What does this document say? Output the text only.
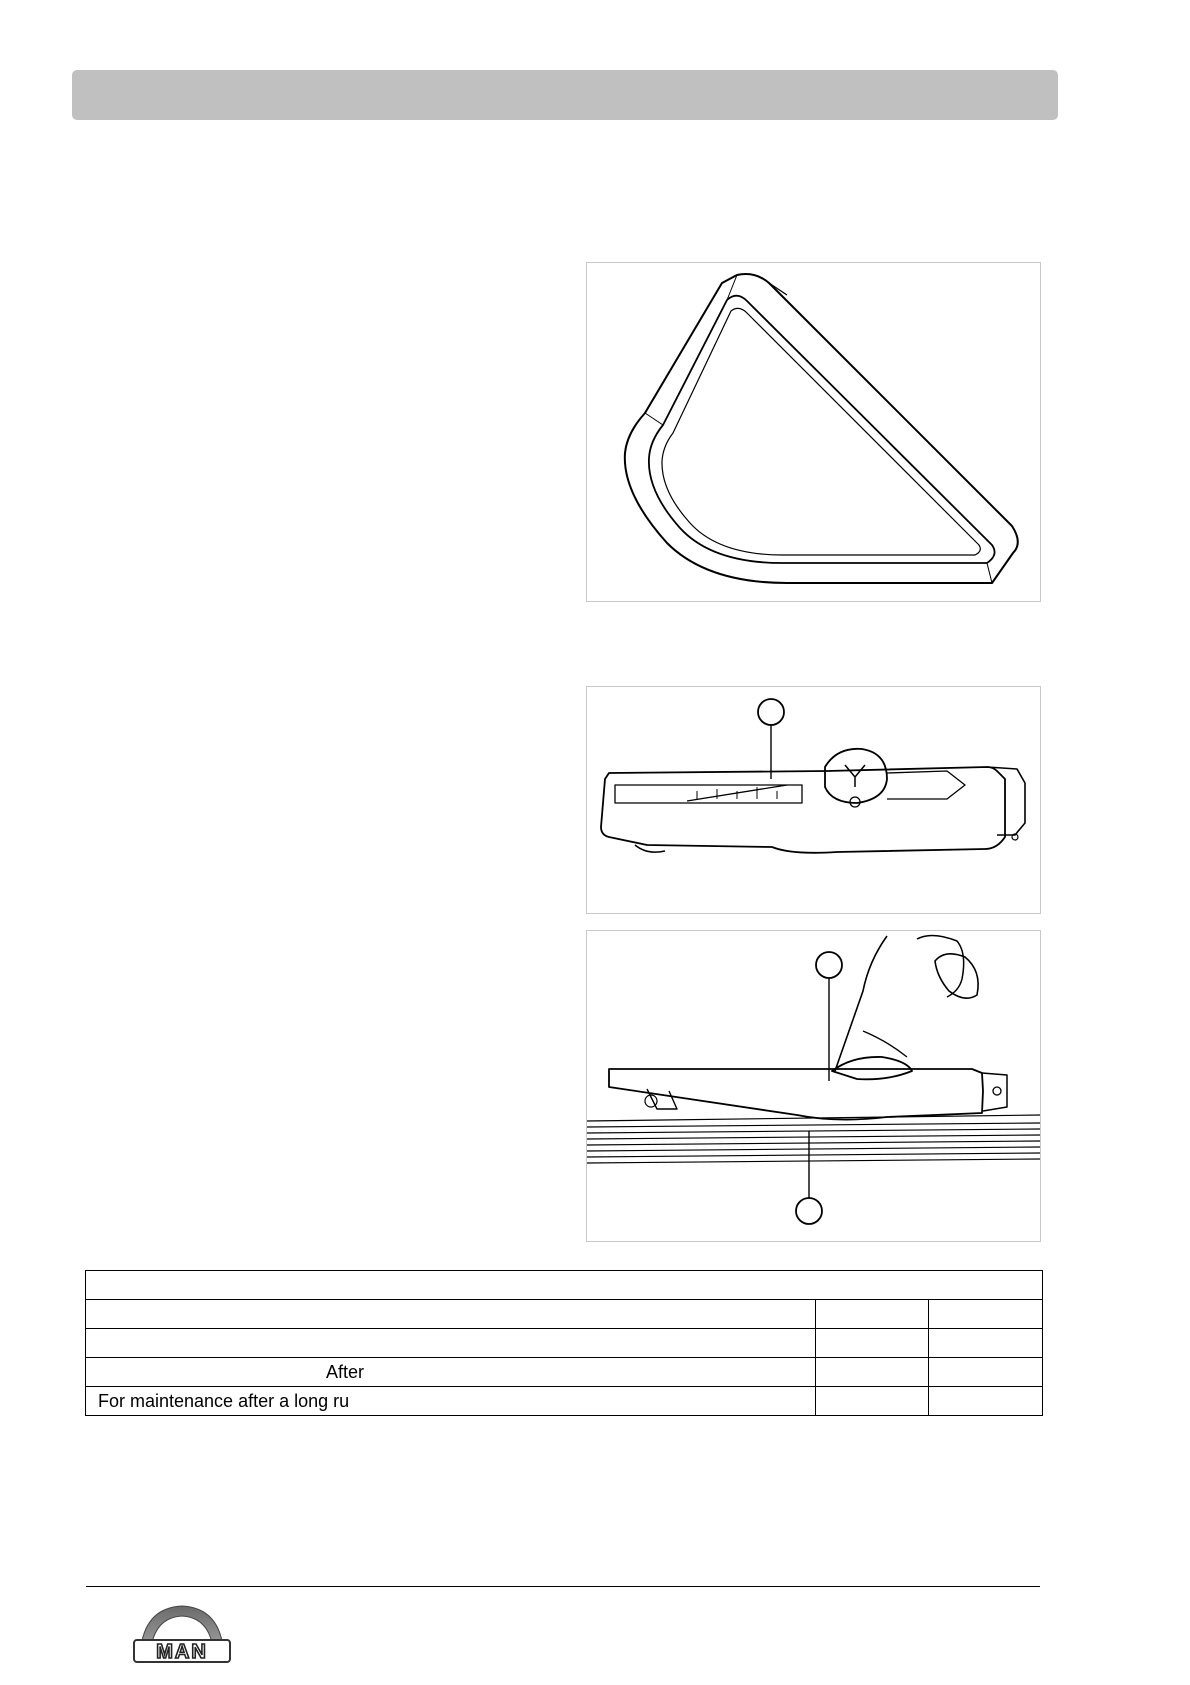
After		
For maintenance after a long ru		
MAN
